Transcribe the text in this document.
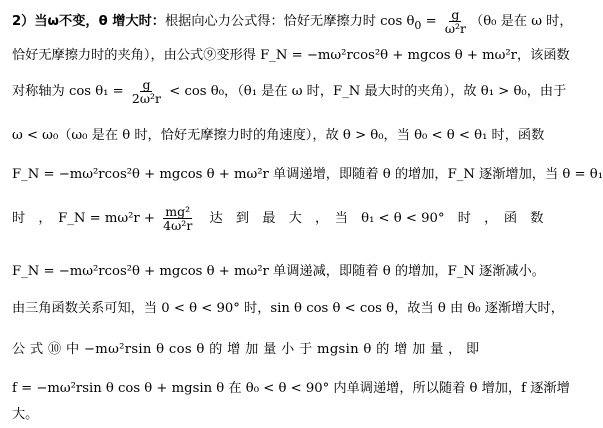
2）当ω不变，θ 增大时：根据向心力公式得：恰好无摩擦力时 $\cos \theta_0 = \frac{g}{\text{ω²r}} (\theta_0$ 是在 ω 时，
恰好无摩擦力时的夹角），由公式⑨变形得 F_N = −mω²rcos²θ + mgcos θ + mω²r，该函数
对称轴为 $\cos \theta_1 = \frac{g}{\text{2ω²r}} < \cos \theta_0$，（θ₁ 是在 ω 时，F_N 最大时的夹角），故 θ₁ > θ₀，由于
ω < ω₀（ω₀ 是在 θ 时，恰好无摩擦力时的角速度），故 θ > θ₀，当 θ₀ < θ < θ₁ 时，函数
F_N = −mω²rcos²θ + mgcos θ + mω²r 单调递增，即随着 θ 的增加，F_N 逐渐增加，当 θ = θ₁
时　，　F_N = $m\omega^2r + \frac{\text{mg²}}{\text{4ω²r}}$ 　达　到　最　大　，　当　θ₁ < θ < 90°　时　，　函　数
F_N = −mω²rcos²θ + mgcos θ + mω²r 单调递减，即随着 θ 的增加，F_N 逐渐减小。
由三角函数关系可知，当 0 < θ < 90° 时，sin θ cos θ < cos θ，故当 θ 由 θ₀ 逐渐增大时，
公 式 ⑩ 中 −mω²rsin θ cos θ 的 增 加 量 小 于 mgsin θ 的 增 加 量 ， 即
f = −mω²rsin θ cos θ + mgsin θ 在 θ₀ < θ < 90° 内单调递增，所以随着 θ 增加，f 逐渐增
大。
